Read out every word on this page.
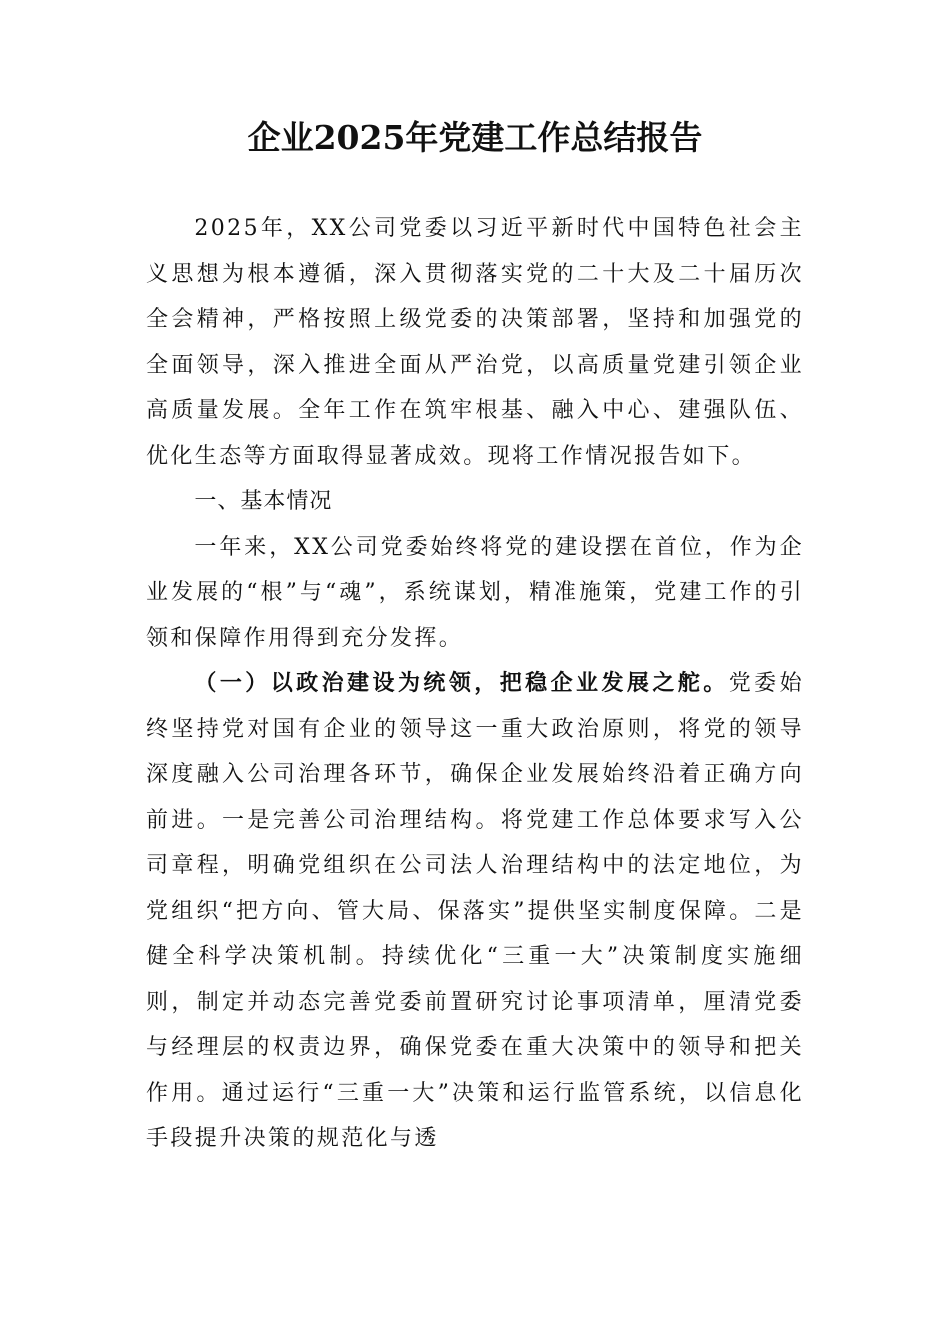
企业2025年党建工作总结报告

2025年，XX公司党委以习近平新时代中国特色社会主义思想为根本遵循，深入贯彻落实党的二十大及二十届历次全会精神，严格按照上级党委的决策部署，坚持和加强党的全面领导，深入推进全面从严治党，以高质量党建引领企业高质量发展。全年工作在筑牢根基、融入中心、建强队伍、优化生态等方面取得显著成效。现将工作情况报告如下。

一、基本情况

一年来，XX公司党委始终将党的建设摆在首位，作为企业发展的“根”与“魂”，系统谋划，精准施策，党建工作的引领和保障作用得到充分发挥。

（一）以政治建设为统领，把稳企业发展之舵。党委始终坚持党对国有企业的领导这一重大政治原则，将党的领导深度融入公司治理各环节，确保企业发展始终沿着正确方向前进。一是完善公司治理结构。将党建工作总体要求写入公司章程，明确党组织在公司法人治理结构中的法定地位，为党组织“把方向、管大局、保落实”提供坚实制度保障。二是健全科学决策机制。持续优化“三重一大”决策制度实施细则，制定并动态完善党委前置研究讨论事项清单，厘清党委与经理层的权责边界，确保党委在重大决策中的领导和把关作用。通过运行“三重一大”决策和运行监管系统，以信息化手段提升决策的规范化与透
